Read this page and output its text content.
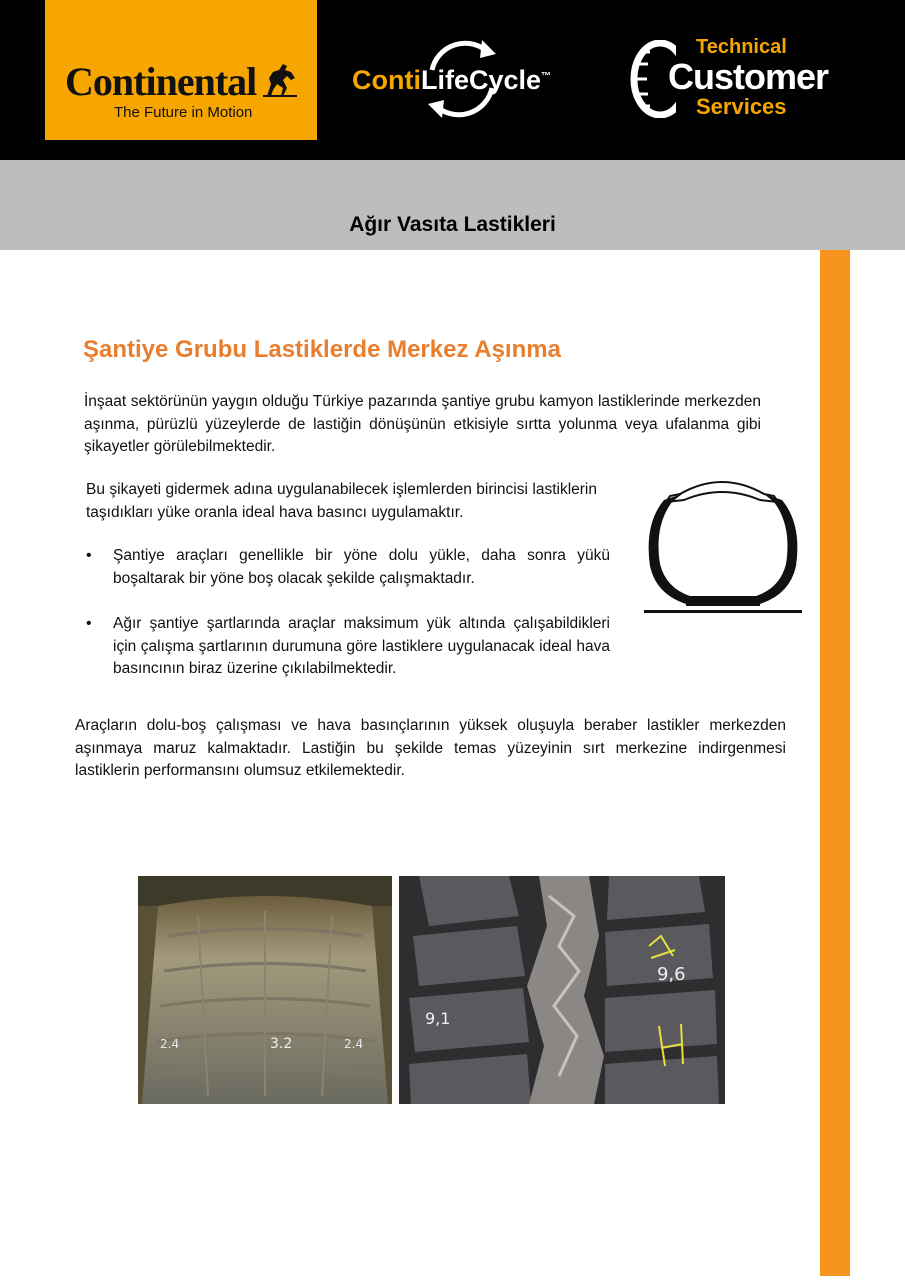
Continental
The Future in Motion
ContiLifeCycle™
Technical
Customer
Services
Ağır Vasıta Lastikleri
Şantiye Grubu Lastiklerde Merkez Aşınma

İnşaat sektörünün yaygın olduğu Türkiye pazarında şantiye grubu kamyon lastiklerinde merkezden aşınma, pürüzlü yüzeylerde de lastiğin dönüşünün etkisiyle sırtta yolunma veya ufalanma gibi şikayetler görülebilmektedir.

Bu şikayeti gidermek adına uygulanabilecek işlemlerden birincisi lastiklerin taşıdıkları yüke oranla ideal hava basıncı uygulamaktır.

• Şantiye araçları genellikle bir yöne dolu yükle, daha sonra yükü boşaltarak bir yöne boş olacak şekilde çalışmaktadır.
• Ağır şantiye şartlarında araçlar maksimum yük altında çalışabildikleri için çalışma şartlarının durumuna göre lastiklere uygulanacak ideal hava basıncının biraz üzerine çıkılabilmektedir.

Araçların dolu-boş çalışması ve hava basınçlarının yüksek oluşuyla beraber lastikler merkezden aşınmaya maruz kalmaktadır. Lastiğin bu şekilde temas yüzeyinin sırt merkezine indirgenmesi lastiklerin performansını olumsuz etkilemektedir.

2.4	3.2	2.4
9,6
9,1
